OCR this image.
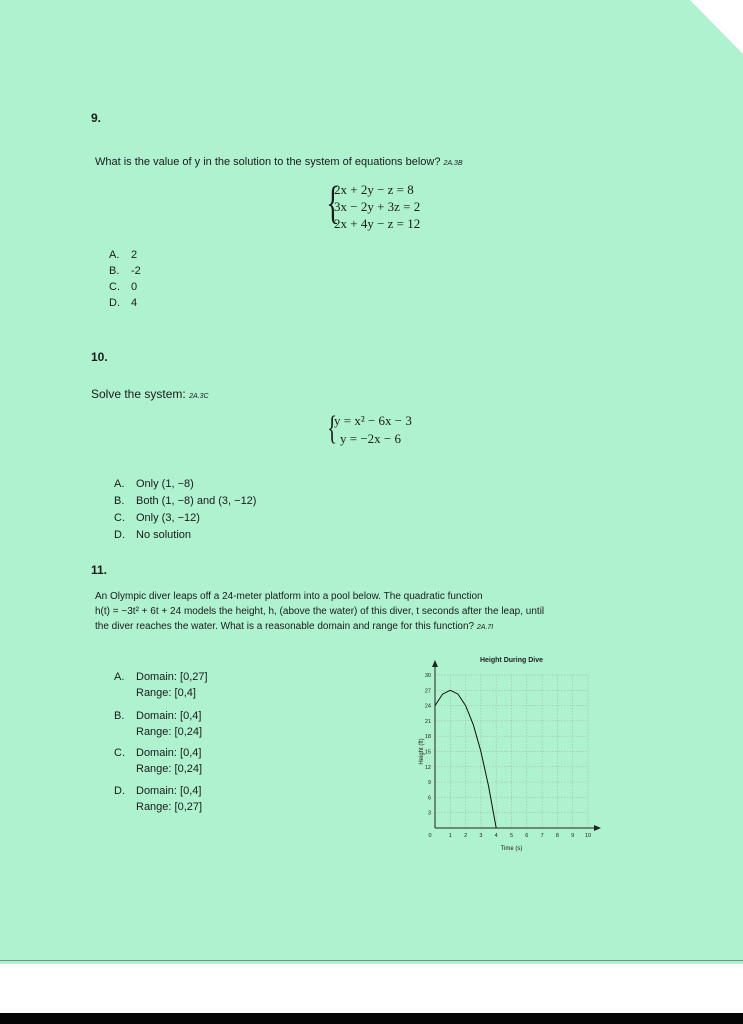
9.
What is the value of y in the solution to the system of equations below? 2A.3B
{
2x + 2y − z = 8
3x − 2y + 3z = 2
2x + 4y − z = 12
A. 2
B. -2
C. 0
D. 4
10.
Solve the system: 2A.3C
{
y = x² − 6x − 3
y = −2x − 6
A. Only (1, −8)
B. Both (1, −8) and (3, −12)
C. Only (3, −12)
D. No solution
11.
An Olympic diver leaps off a 24-meter platform into a pool below. The quadratic function
h(t) = −3t² + 6t + 24 models the height, h, (above the water) of this diver, t seconds after the leap, until
the diver reaches the water. What is a reasonable domain and range for this function? 2A.7I
A. Domain: [0,27]
Range: [0,4]
B. Domain: [0,4]
Range: [0,24]
C. Domain: [0,4]
Range: [0,24]
D. Domain: [0,4]
Range: [0,27]
Height During Dive
0	1 2 3 4 5 6 7 8 9 10
3
6
9
12
15
18
21
24
27
30
Time (s)
Height (ft)
